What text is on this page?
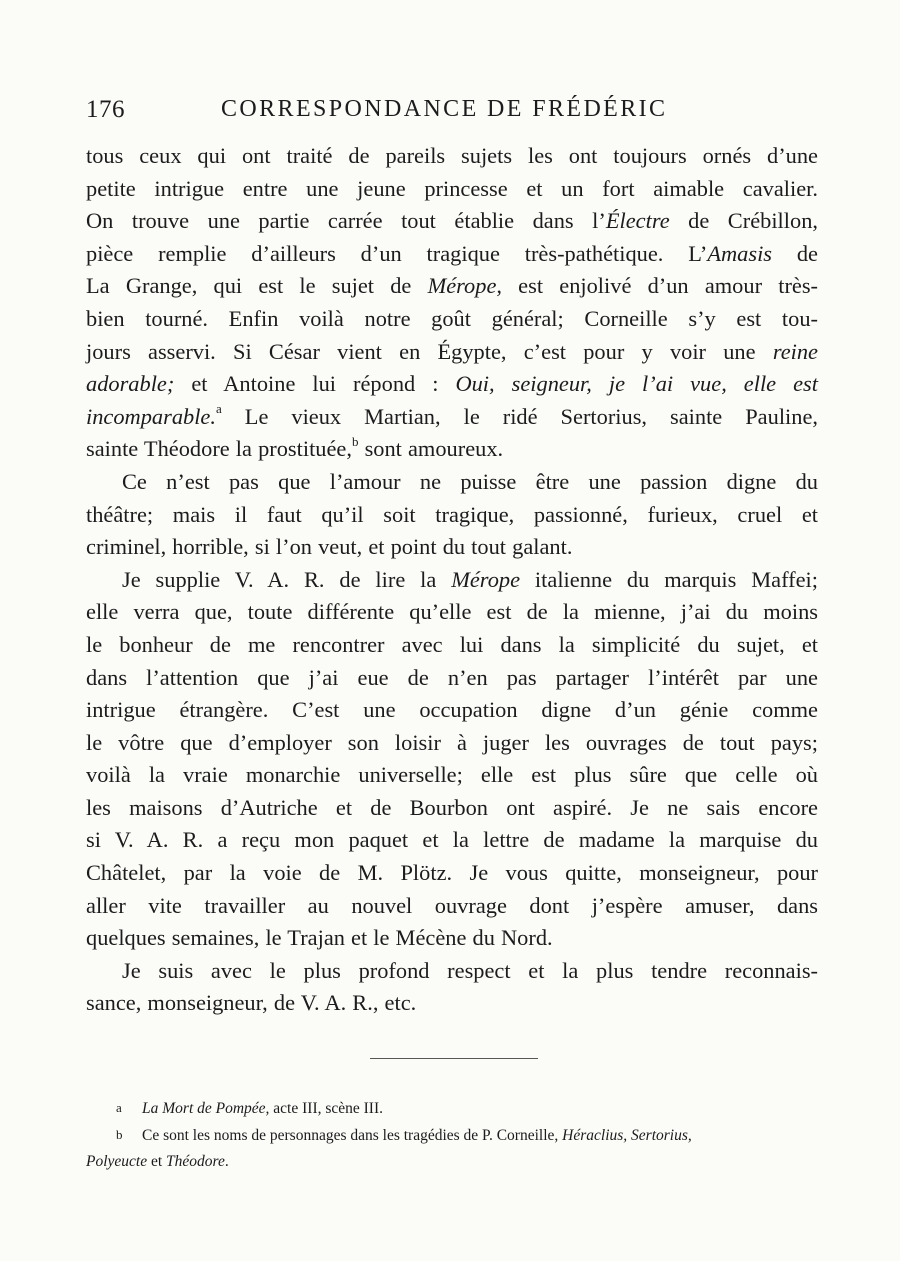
176	CORRESPONDANCE DE FRÉDÉRIC

tous ceux qui ont traité de pareils sujets les ont toujours ornés d’une
petite intrigue entre une jeune princesse et un fort aimable cavalier.
On trouve une partie carrée tout établie dans l’Électre de Crébillon,
pièce remplie d’ailleurs d’un tragique très-pathétique. L’Amasis de
La Grange, qui est le sujet de Mérope, est enjolivé d’un amour très-
bien tourné. Enfin voilà notre goût général; Corneille s’y est tou-
jours asservi. Si César vient en Égypte, c’est pour y voir une reine
adorable; et Antoine lui répond : Oui, seigneur, je l’ai vue, elle est
incomparable.$^a$ Le vieux Martian, le ridé Sertorius, sainte Pauline,
sainte Théodore la prostituée,$^b$ sont amoureux.

Ce n’est pas que l’amour ne puisse être une passion digne du
théâtre; mais il faut qu’il soit tragique, passionné, furieux, cruel et
criminel, horrible, si l’on veut, et point du tout galant.

Je supplie V. A. R. de lire la Mérope italienne du marquis Maffei;
elle verra que, toute différente qu’elle est de la mienne, j’ai du moins
le bonheur de me rencontrer avec lui dans la simplicité du sujet, et
dans l’attention que j’ai eue de n’en pas partager l’intérêt par une
intrigue étrangère. C’est une occupation digne d’un génie comme
le vôtre que d’employer son loisir à juger les ouvrages de tout pays;
voilà la vraie monarchie universelle; elle est plus sûre que celle où
les maisons d’Autriche et de Bourbon ont aspiré. Je ne sais encore
si V. A. R. a reçu mon paquet et la lettre de madame la marquise du
Châtelet, par la voie de M. Plötz. Je vous quitte, monseigneur, pour
aller vite travailler au nouvel ouvrage dont j’espère amuser, dans
quelques semaines, le Trajan et le Mécène du Nord.

Je suis avec le plus profond respect et la plus tendre reconnais-
sance, monseigneur, de V. A. R., etc.

a La Mort de Pompée, acte III, scène III.
b Ce sont les noms de personnages dans les tragédies de P. Corneille, Héraclius, Sertorius,
Polyeucte et Théodore.
